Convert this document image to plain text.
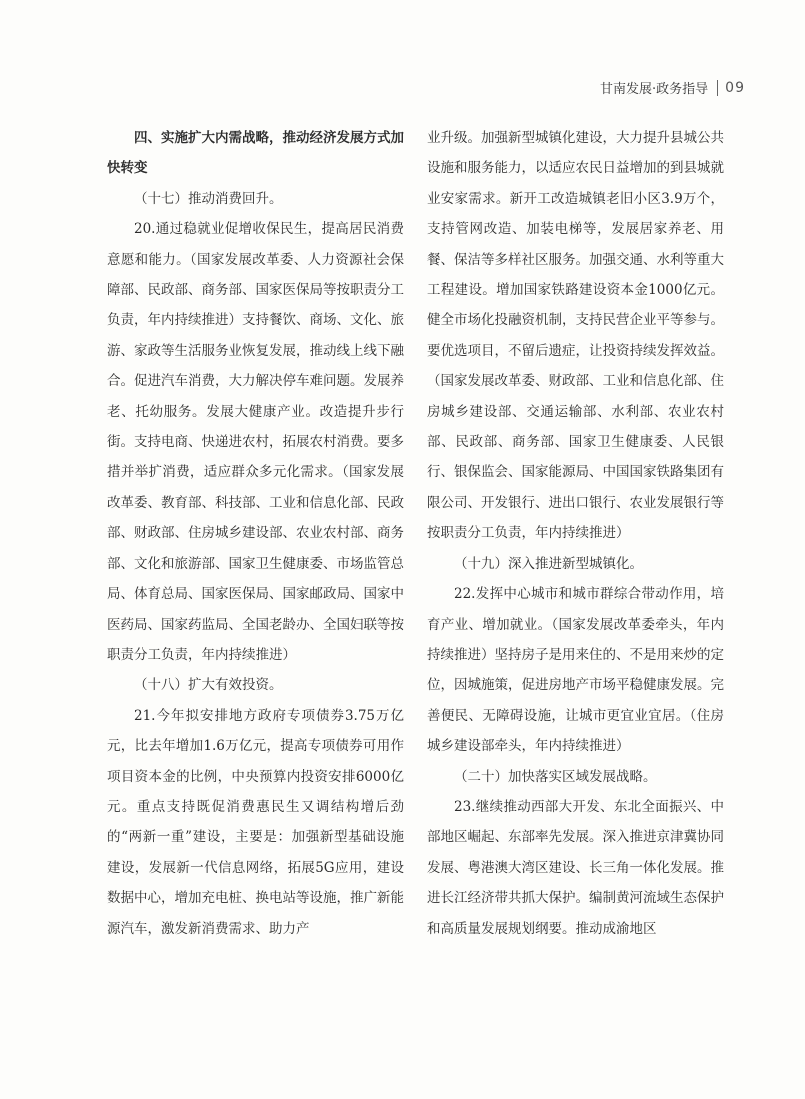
甘南发展·政务指导 09

四、实施扩大内需战略，推动经济发展方式加快转变

（十七）推动消费回升。

20.通过稳就业促增收保民生，提高居民消费意愿和能力。（国家发展改革委、人力资源社会保障部、民政部、商务部、国家医保局等按职责分工负责，年内持续推进）支持餐饮、商场、文化、旅游、家政等生活服务业恢复发展，推动线上线下融合。促进汽车消费，大力解决停车难问题。发展养老、托幼服务。发展大健康产业。改造提升步行街。支持电商、快递进农村，拓展农村消费。要多措并举扩消费，适应群众多元化需求。（国家发展改革委、教育部、科技部、工业和信息化部、民政部、财政部、住房城乡建设部、农业农村部、商务部、文化和旅游部、国家卫生健康委、市场监管总局、体育总局、国家医保局、国家邮政局、国家中医药局、国家药监局、全国老龄办、全国妇联等按职责分工负责，年内持续推进）

（十八）扩大有效投资。

21.今年拟安排地方政府专项债券3.75万亿元，比去年增加1.6万亿元，提高专项债券可用作项目资本金的比例，中央预算内投资安排6000亿元。重点支持既促消费惠民生又调结构增后劲的“两新一重”建设，主要是：加强新型基础设施建设，发展新一代信息网络，拓展5G应用，建设数据中心，增加充电桩、换电站等设施，推广新能源汽车，激发新消费需求、助力产

业升级。加强新型城镇化建设，大力提升县城公共设施和服务能力，以适应农民日益增加的到县城就业安家需求。新开工改造城镇老旧小区3.9万个，支持管网改造、加装电梯等，发展居家养老、用餐、保洁等多样社区服务。加强交通、水利等重大工程建设。增加国家铁路建设资本金1000亿元。健全市场化投融资机制，支持民营企业平等参与。要优选项目，不留后遗症，让投资持续发挥效益。（国家发展改革委、财政部、工业和信息化部、住房城乡建设部、交通运输部、水利部、农业农村部、民政部、商务部、国家卫生健康委、人民银行、银保监会、国家能源局、中国国家铁路集团有限公司、开发银行、进出口银行、农业发展银行等按职责分工负责，年内持续推进）

（十九）深入推进新型城镇化。

22.发挥中心城市和城市群综合带动作用，培育产业、增加就业。（国家发展改革委牵头，年内持续推进）坚持房子是用来住的、不是用来炒的定位，因城施策，促进房地产市场平稳健康发展。完善便民、无障碍设施，让城市更宜业宜居。（住房城乡建设部牵头，年内持续推进）

（二十）加快落实区域发展战略。

23.继续推动西部大开发、东北全面振兴、中部地区崛起、东部率先发展。深入推进京津冀协同发展、粤港澳大湾区建设、长三角一体化发展。推进长江经济带共抓大保护。编制黄河流域生态保护和高质量发展规划纲要。推动成渝地区
